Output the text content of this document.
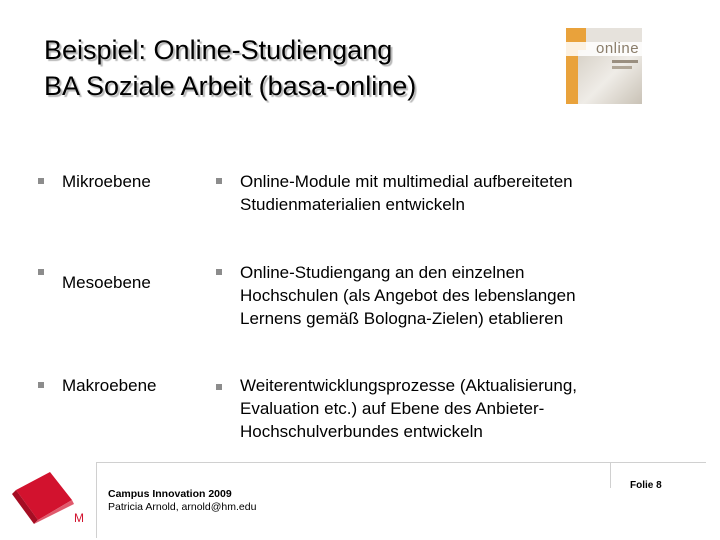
Beispiel: Online-Studiengang
BA Soziale Arbeit (basa-online)
online
Mikroebene	Online-Module mit multimedial aufbereiteten
Studienmaterialien entwickeln
Mesoebene
Online-Studiengang an den einzelnen
Hochschulen (als Angebot des lebenslangen
Lernens gemäß Bologna-Zielen) etablieren
Makroebene	Weiterentwicklungsprozesse (Aktualisierung,
Evaluation etc.) auf Ebene des Anbieter-
Hochschulverbundes entwickeln
M
Campus Innovation 2009
Patricia Arnold, arnold@hm.edu
Folie 8
